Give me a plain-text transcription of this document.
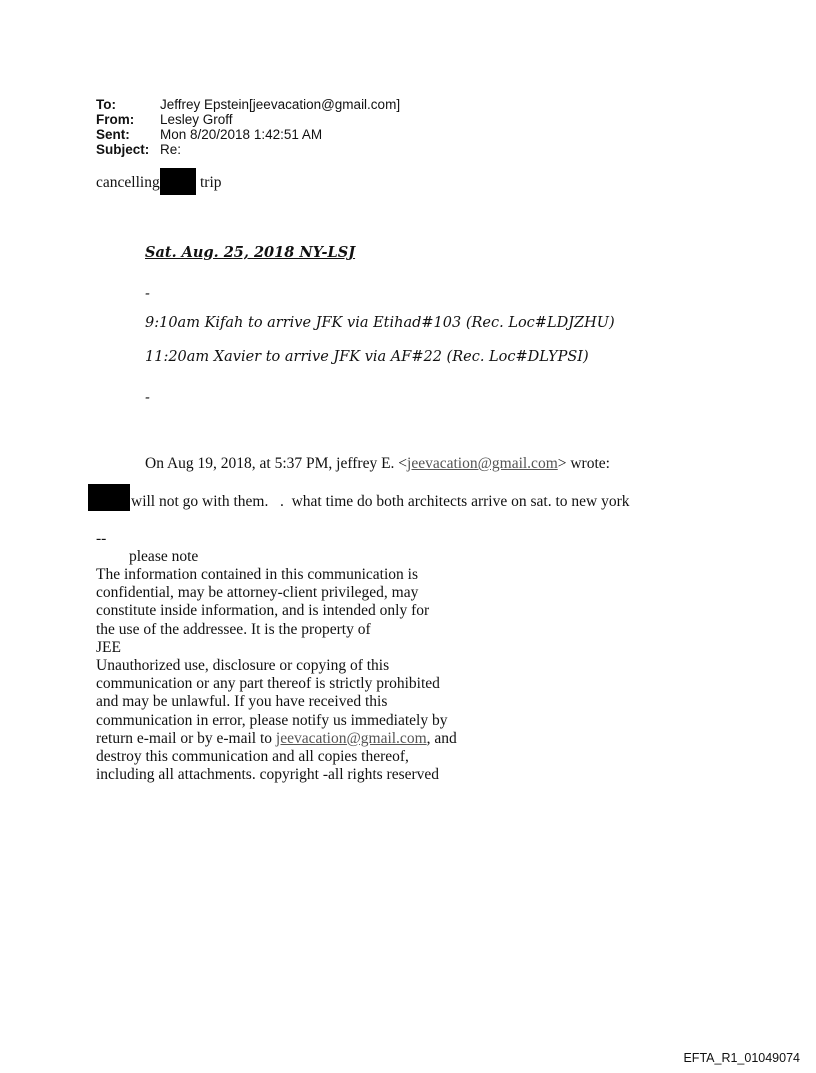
To:	Jeffrey Epstein[jeevacation@gmail.com]
From: Lesley Groff
Sent: Mon 8/20/2018 1:42:51 AM
Subject: Re:
cancelling	trip
Sat. Aug. 25, 2018 NY-LSJ
-
9:10am Kifah to arrive JFK via Etihad#103 (Rec. Loc#LDJZHU)
11:20am Xavier to arrive JFK via AF#22 (Rec. Loc#DLYPSI)
-
On Aug 19, 2018, at 5:37 PM, jeffrey E. <jeevacation@gmail.com> wrote:
will not go with them.   .  what time do both architects arrive on sat. to new york
--
please note
The information contained in this communication is
confidential, may be attorney-client privileged, may
constitute inside information, and is intended only for
the use of the addressee. It is the property of
JEE
Unauthorized use, disclosure or copying of this
communication or any part thereof is strictly prohibited
and may be unlawful. If you have received this
communication in error, please notify us immediately by
return e-mail or by e-mail to jeevacation@gmail.com, and
destroy this communication and all copies thereof,
including all attachments. copyright -all rights reserved
EFTA_R1_01049074
